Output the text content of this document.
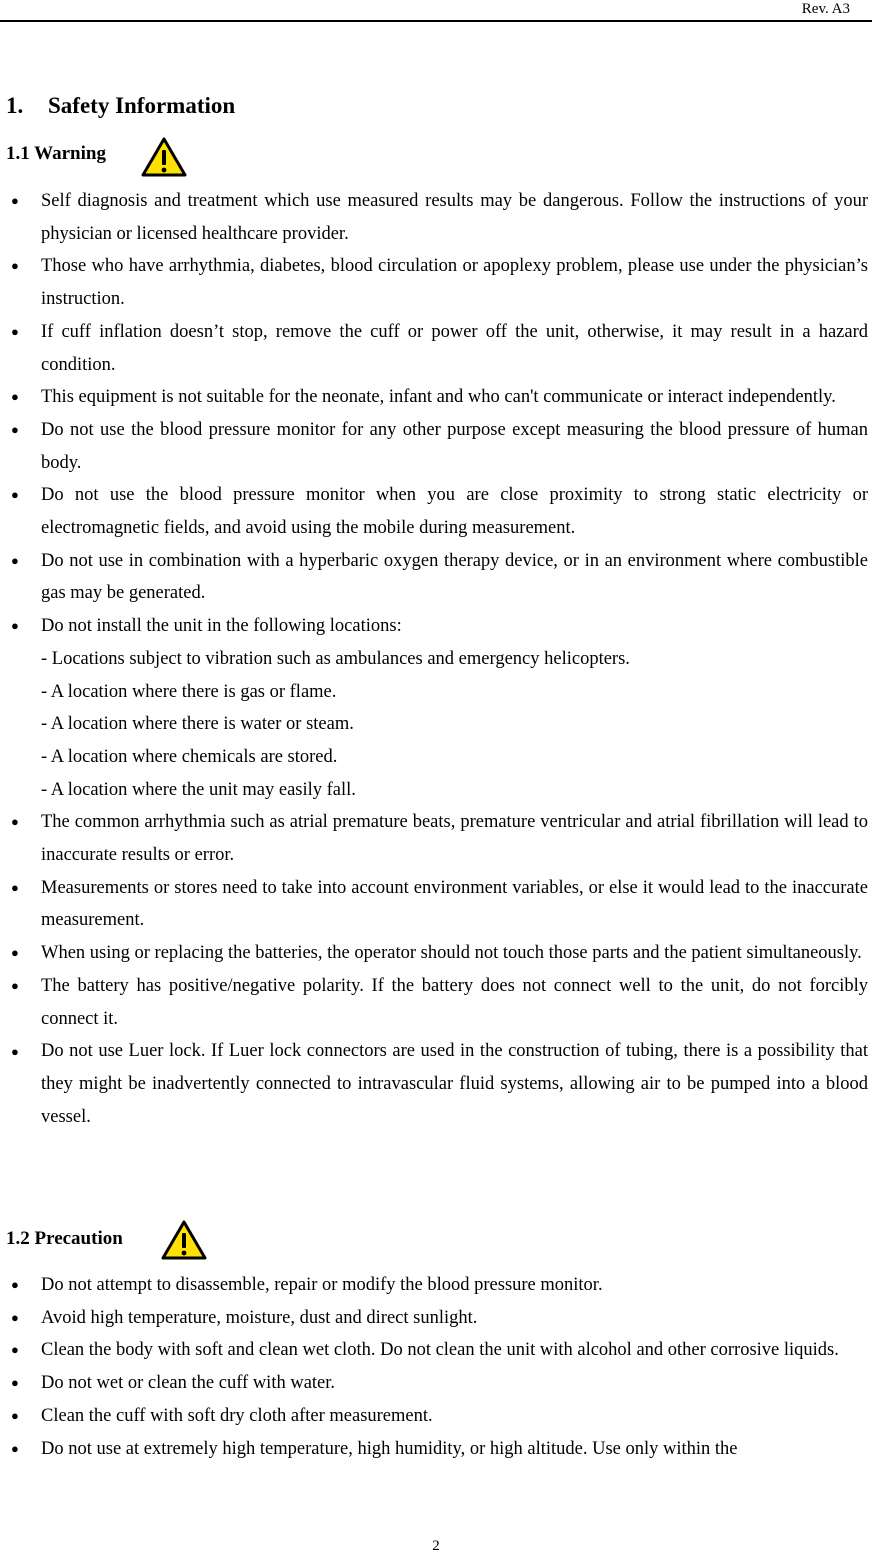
Rev. A3
1. Safety Information
1.1 Warning
● Self diagnosis and treatment which use measured results may be dangerous. Follow the instructions of your physician or licensed healthcare provider.
● Those who have arrhythmia, diabetes, blood circulation or apoplexy problem, please use under the physician’s instruction.
● If cuff inflation doesn’t stop, remove the cuff or power off the unit, otherwise, it may result in a hazard condition.
● This equipment is not suitable for the neonate, infant and who can't communicate or interact independently.
● Do not use the blood pressure monitor for any other purpose except measuring the blood pressure of human body.
● Do not use the blood pressure monitor when you are close proximity to strong static electricity or electromagnetic fields, and avoid using the mobile during measurement.
● Do not use in combination with a hyperbaric oxygen therapy device, or in an environment where combustible gas may be generated.
● Do not install the unit in the following locations:
- Locations subject to vibration such as ambulances and emergency helicopters.
- A location where there is gas or flame.
- A location where there is water or steam.
- A location where chemicals are stored.
- A location where the unit may easily fall.
● The common arrhythmia such as atrial premature beats, premature ventricular and atrial fibrillation will lead to inaccurate results or error.
● Measurements or stores need to take into account environment variables, or else it would lead to the inaccurate measurement.
● When using or replacing the batteries, the operator should not touch those parts and the patient simultaneously.
● The battery has positive/negative polarity. If the battery does not connect well to the unit, do not forcibly connect it.
● Do not use Luer lock. If Luer lock connectors are used in the construction of tubing, there is a possibility that they might be inadvertently connected to intravascular fluid systems, allowing air to be pumped into a blood vessel.
1.2 Precaution
● Do not attempt to disassemble, repair or modify the blood pressure monitor.
● Avoid high temperature, moisture, dust and direct sunlight.
● Clean the body with soft and clean wet cloth. Do not clean the unit with alcohol and other corrosive liquids.
● Do not wet or clean the cuff with water.
● Clean the cuff with soft dry cloth after measurement.
● Do not use at extremely high temperature, high humidity, or high altitude. Use only within the
2
